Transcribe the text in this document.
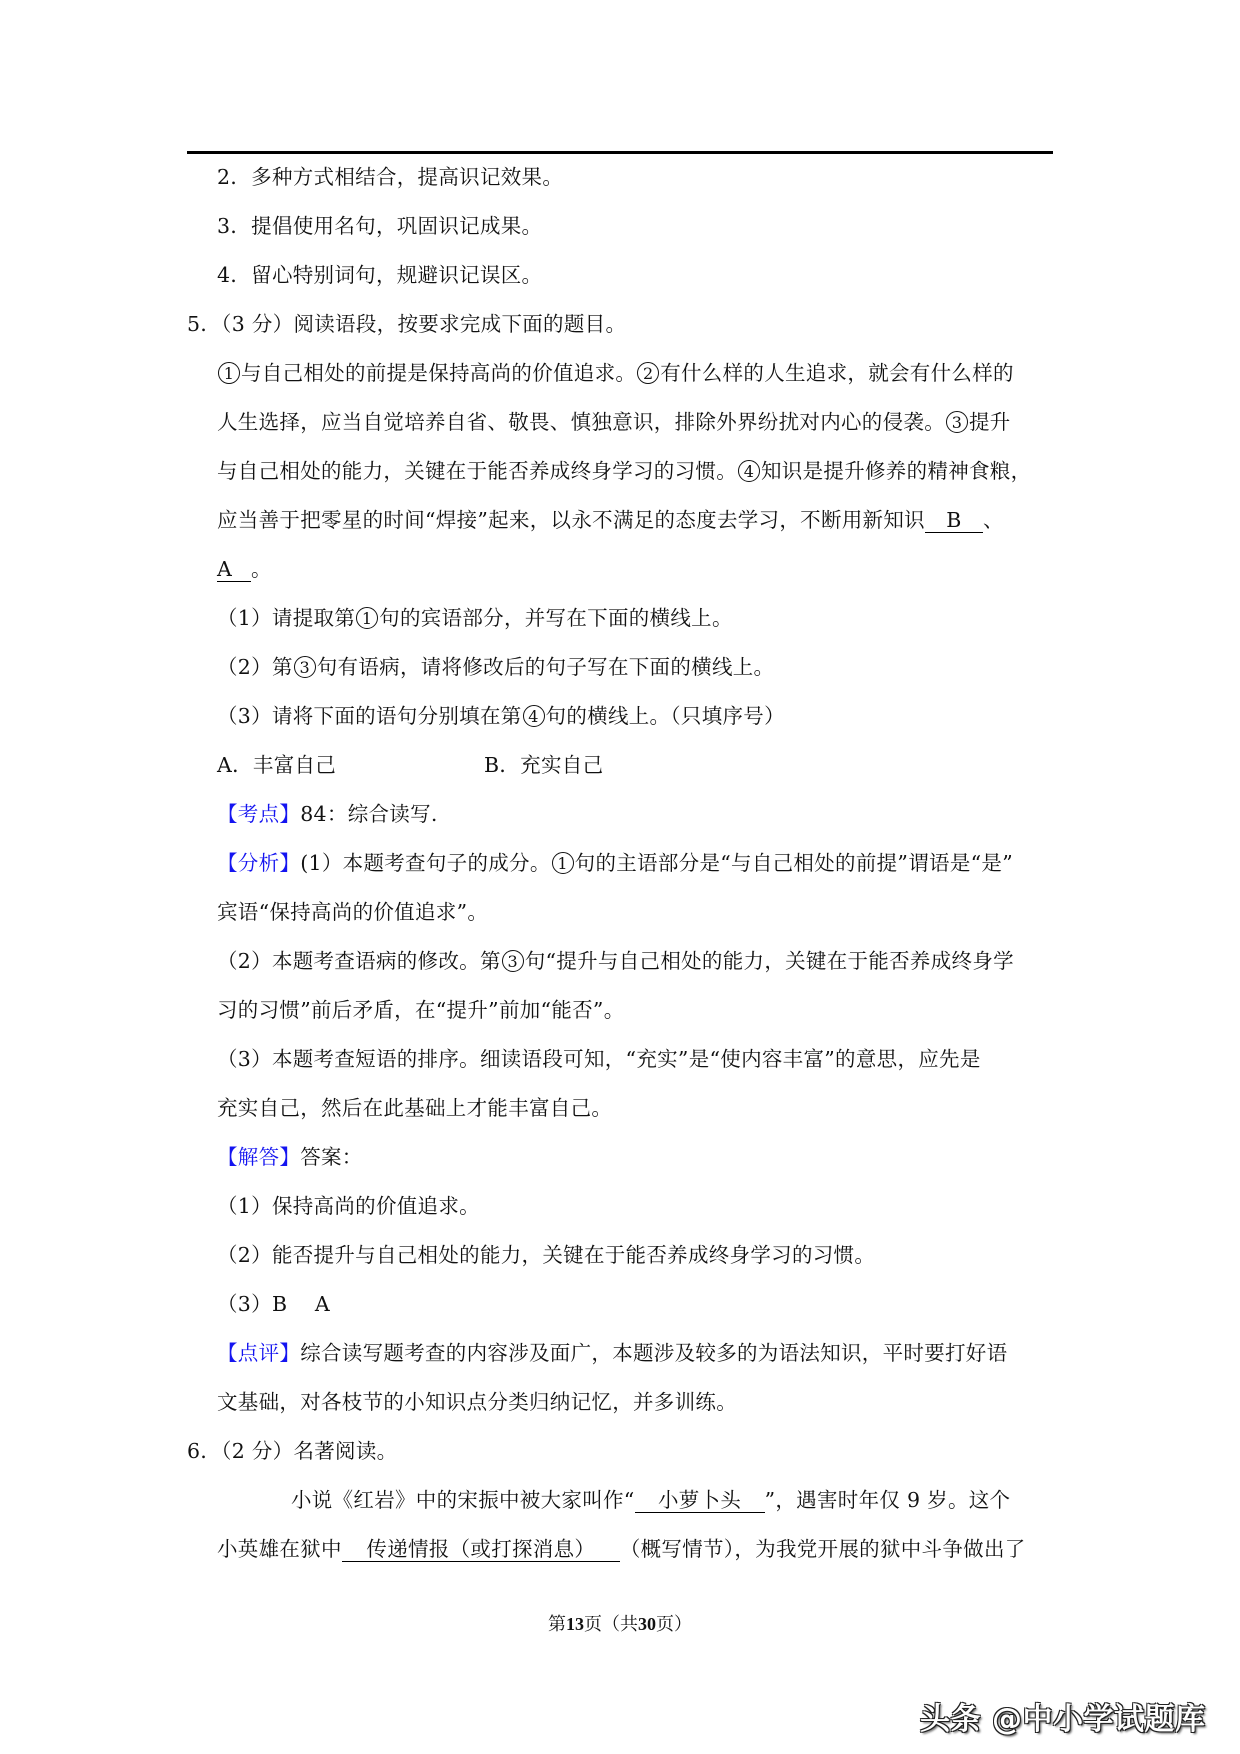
2．多种方式相结合，提高识记效果。
3．提倡使用名句，巩固识记成果。
4．留心特别词句，规避识记误区。
5．（3 分）阅读语段，按要求完成下面的题目。
1 与自己相处的前提是保持高尚的价值追求。 2 有什么样的人生追求，就会有什么样的
人生选择，应当自觉培养自省、敬畏、慎独意识，排除外界纷扰对内心的侵袭。 3 提升
与自己相处的能力，关键在于能否养成终身学习的习惯。 4 知识是提升修养的精神食粮，
应当善于把零星的时间“焊接”起来，以永不满足的态度去学习，不断用新知识 B 、
A 。
（1）请提取第 1 句的宾语部分，并写在下面的横线上。
（2）第 3 句有语病，请将修改后的句子写在下面的横线上。
（3）请将下面的语句分别填在第 4 句的横线上。（只填序号）
A．丰富自己	B．充实自己
【考点】84：综合读写.
【分析】(1）本题考查句子的成分。 1 句的主语部分是“与自己相处的前提”谓语是“是”
宾语“保持高尚的价值追求”。
（2）本题考查语病的修改。第 3 句“提升与自己相处的能力，关键在于能否养成终身学
习的习惯”前后矛盾，在“提升”前加“能否”。
（3）本题考查短语的排序。细读语段可知，“充实”是“使内容丰富”的意思，应先是
充实自己，然后在此基础上才能丰富自己。
【解答】答案：
（1）保持高尚的价值追求。
（2）能否提升与自己相处的能力，关键在于能否养成终身学习的习惯。
（3）B　 A
【点评】综合读写题考查的内容涉及面广，本题涉及较多的为语法知识，平时要打好语
文基础，对各枝节的小知识点分类归纳记忆，并多训练。
6．（2 分）名著阅读。
小说《红岩》中的宋振中被大家叫作“ 小萝卜头 ”，遇害时年仅 9 岁。这个
小英雄在狱中 传递情报（或打探消息） （概写情节），为我党开展的狱中斗争做出了
第13页（共30页）
头条 @中小学试题库
